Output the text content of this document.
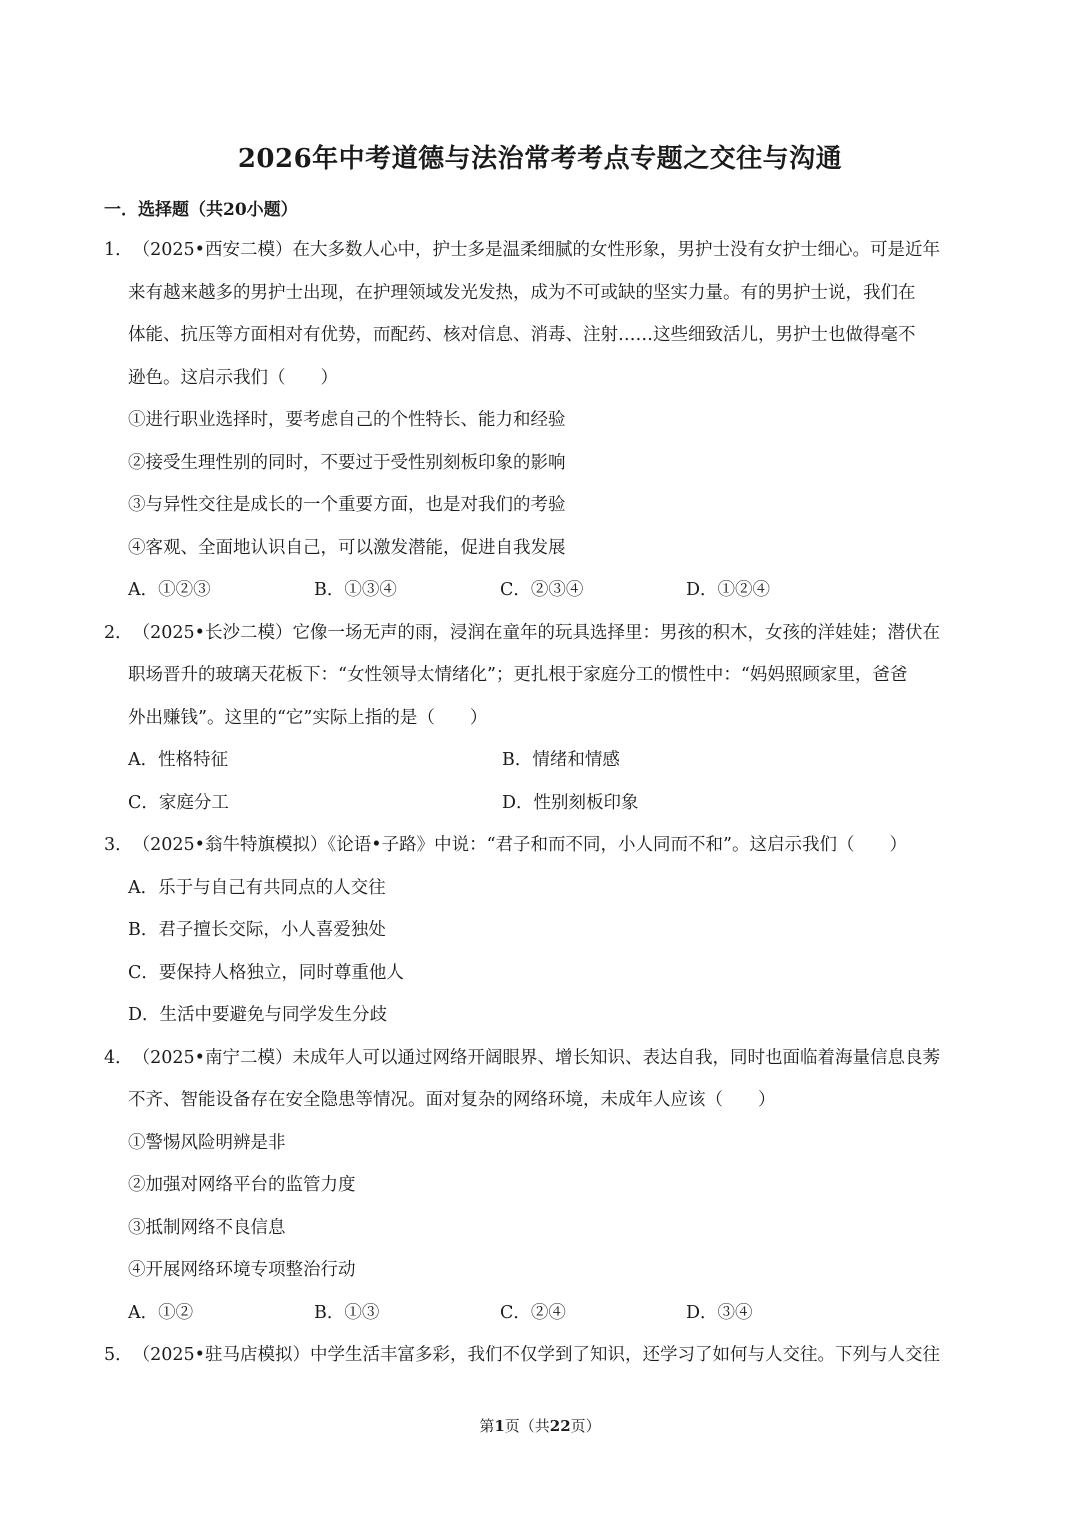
2026年中考道德与法治常考考点专题之交往与沟通
一．选择题（共20小题）
1．（2025•西安二模）在大多数人心中，护士多是温柔细腻的女性形象，男护士没有女护士细心。可是近年
来有越来越多的男护士出现，在护理领域发光发热，成为不可或缺的坚实力量。有的男护士说，我们在
体能、抗压等方面相对有优势，而配药、核对信息、消毒、注射……这些细致活儿，男护士也做得毫不
逊色。这启示我们（　　）
①进行职业选择时，要考虑自己的个性特长、能力和经验
②接受生理性别的同时，不要过于受性别刻板印象的影响
③与异性交往是成长的一个重要方面，也是对我们的考验
④客观、全面地认识自己，可以激发潜能，促进自我发展
A．①②③	B．①③④	C．②③④	D．①②④
2．（2025•长沙二模）它像一场无声的雨，浸润在童年的玩具选择里：男孩的积木，女孩的洋娃娃；潜伏在
职场晋升的玻璃天花板下：“女性领导太情绪化”；更扎根于家庭分工的惯性中：“妈妈照顾家里，爸爸
外出赚钱”。这里的“它”实际上指的是（　　）
A．性格特征	B．情绪和情感
C．家庭分工	D．性别刻板印象
3．（2025•翁牛特旗模拟）《论语•子路》中说：“君子和而不同，小人同而不和”。这启示我们（　　）
A．乐于与自己有共同点的人交往
B．君子擅长交际，小人喜爱独处
C．要保持人格独立，同时尊重他人
D．生活中要避免与同学发生分歧
4．（2025•南宁二模）未成年人可以通过网络开阔眼界、增长知识、表达自我，同时也面临着海量信息良莠
不齐、智能设备存在安全隐患等情况。面对复杂的网络环境，未成年人应该（　　）
①警惕风险明辨是非
②加强对网络平台的监管力度
③抵制网络不良信息
④开展网络环境专项整治行动
A．①②	B．①③	C．②④	D．③④
5．（2025•驻马店模拟）中学生活丰富多彩，我们不仅学到了知识，还学习了如何与人交往。下列与人交往
第1页（共22页）
